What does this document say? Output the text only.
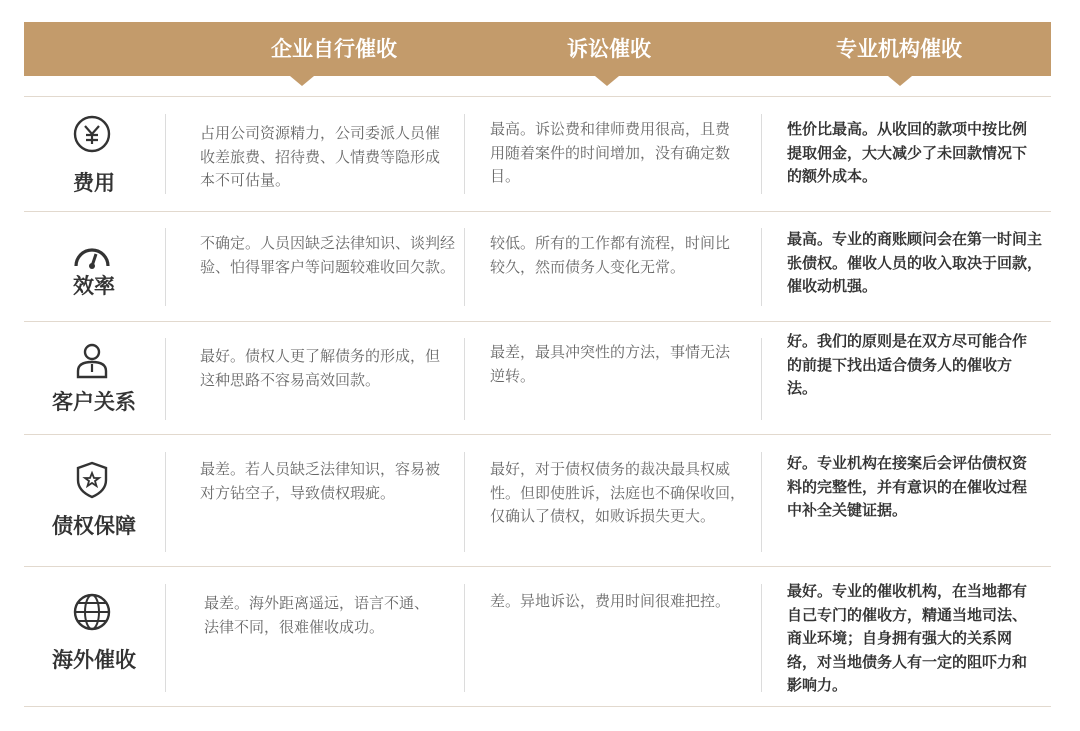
企业自行催收	诉讼催收	专业机构催收
费用

占用公司资源精力，公司委派人员催收差旅费、招待费、人情费等隐形成本不可估量。

最高。诉讼费和律师费用很高，且费用随着案件的时间增加，没有确定数目。

性价比最高。从收回的款项中按比例提取佣金，大大减少了未回款情况下的额外成本。

效率

不确定。人员因缺乏法律知识、谈判经验、怕得罪客户等问题较难收回欠款。

较低。所有的工作都有流程，时间比较久，然而债务人变化无常。

最高。专业的商账顾问会在第一时间主张债权。催收人员的收入取决于回款，催收动机强。

客户关系

最好。债权人更了解债务的形成，但这种思路不容易高效回款。

最差，最具冲突性的方法，事情无法逆转。

好。我们的原则是在双方尽可能合作的前提下找出适合债务人的催收方法。

债权保障

最差。若人员缺乏法律知识，容易被对方钻空子，导致债权瑕疵。

最好，对于债权债务的裁决最具权威性。但即使胜诉，法庭也不确保收回，仅确认了债权，如败诉损失更大。

好。专业机构在接案后会评估债权资料的完整性，并有意识的在催收过程中补全关键证据。

海外催收

最差。海外距离遥远，语言不通、法律不同，很难催收成功。

差。异地诉讼，费用时间很难把控。

最好。专业的催收机构，在当地都有自己专门的催收方，精通当地司法、商业环境；自身拥有强大的关系网络，对当地债务人有一定的阻吓力和影响力。
